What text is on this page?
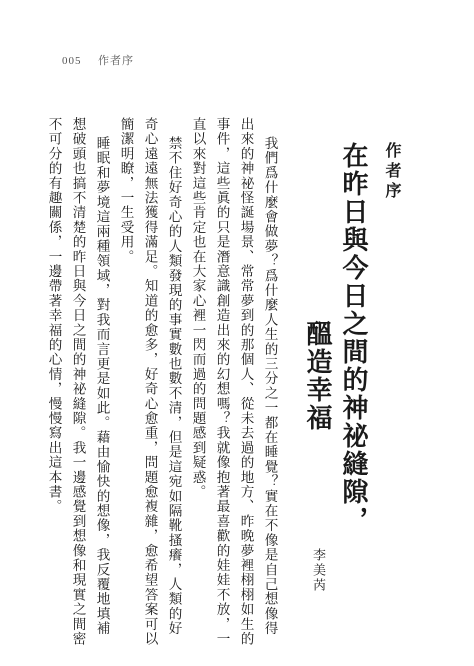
005 作者序
作者序
在昨日與今日之間的神祕縫隙，
醞造幸福
李美芮
我們爲什麼會做夢？爲什麼人生的三分之一都在睡覺？實在不像是自己想像得
出來的神祕怪誕場景、常常夢到的那個人、從未去過的地方、昨晚夢裡栩栩如生的
事件，這些眞的只是潛意識創造出來的幻想嗎？我就像抱著最喜歡的娃娃不放，一
直以來對這些肯定也在大家心裡一閃而過的問題感到疑惑。
禁不住好奇心的人類發現的事實數也數不清，但是這宛如隔靴搔癢，人類的好
奇心遠遠無法獲得滿足。知道的愈多，好奇心愈重，問題愈複雜，愈希望答案可以
簡潔明瞭，一生受用。
睡眠和夢境這兩種領域，對我而言更是如此。藉由愉快的想像，我反覆地填補
想破頭也搞不清楚的昨日與今日之間的神祕縫隙。我一邊感覺到想像和現實之間密
不可分的有趣關係，一邊帶著幸福的心情，慢慢寫出這本書。
